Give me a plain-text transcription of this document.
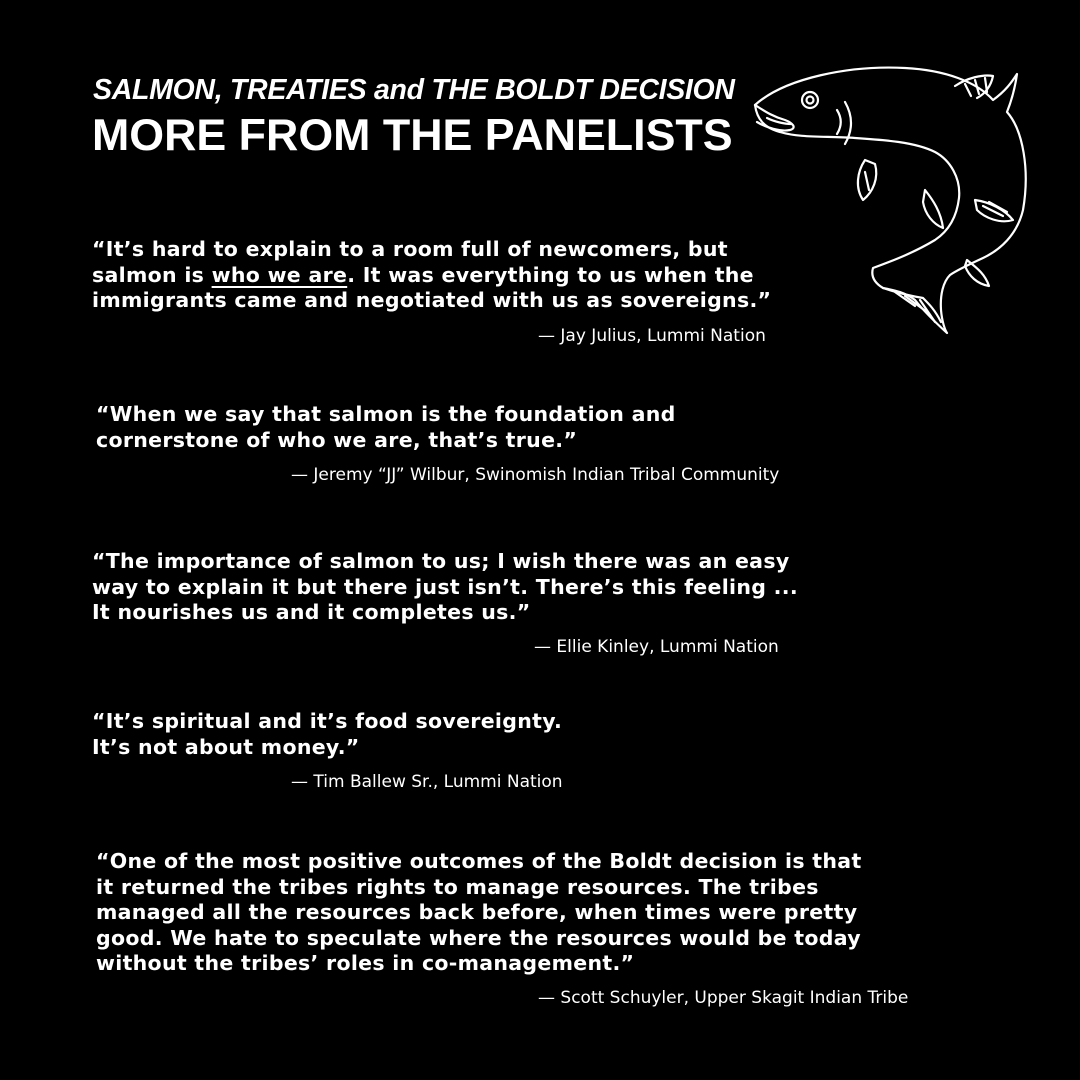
SALMON, TREATIES and THE BOLDT DECISION
MORE FROM THE PANELISTS
“It’s hard to explain to a room full of newcomers, but
salmon is who we are. It was everything to us when the
immigrants came and negotiated with us as sovereigns.”
— Jay Julius, Lummi Nation
“When we say that salmon is the foundation and
cornerstone of who we are, that’s true.”
— Jeremy “JJ” Wilbur, Swinomish Indian Tribal Community
“The importance of salmon to us; I wish there was an easy
way to explain it but there just isn’t. There’s this feeling ...
It nourishes us and it completes us.”
— Ellie Kinley, Lummi Nation
“It’s spiritual and it’s food sovereignty.
It’s not about money.”
— Tim Ballew Sr., Lummi Nation
“One of the most positive outcomes of the Boldt decision is that
it returned the tribes rights to manage resources. The tribes
managed all the resources back before, when times were pretty
good. We hate to speculate where the resources would be today
without the tribes’ roles in co-management.”
— Scott Schuyler, Upper Skagit Indian Tribe
